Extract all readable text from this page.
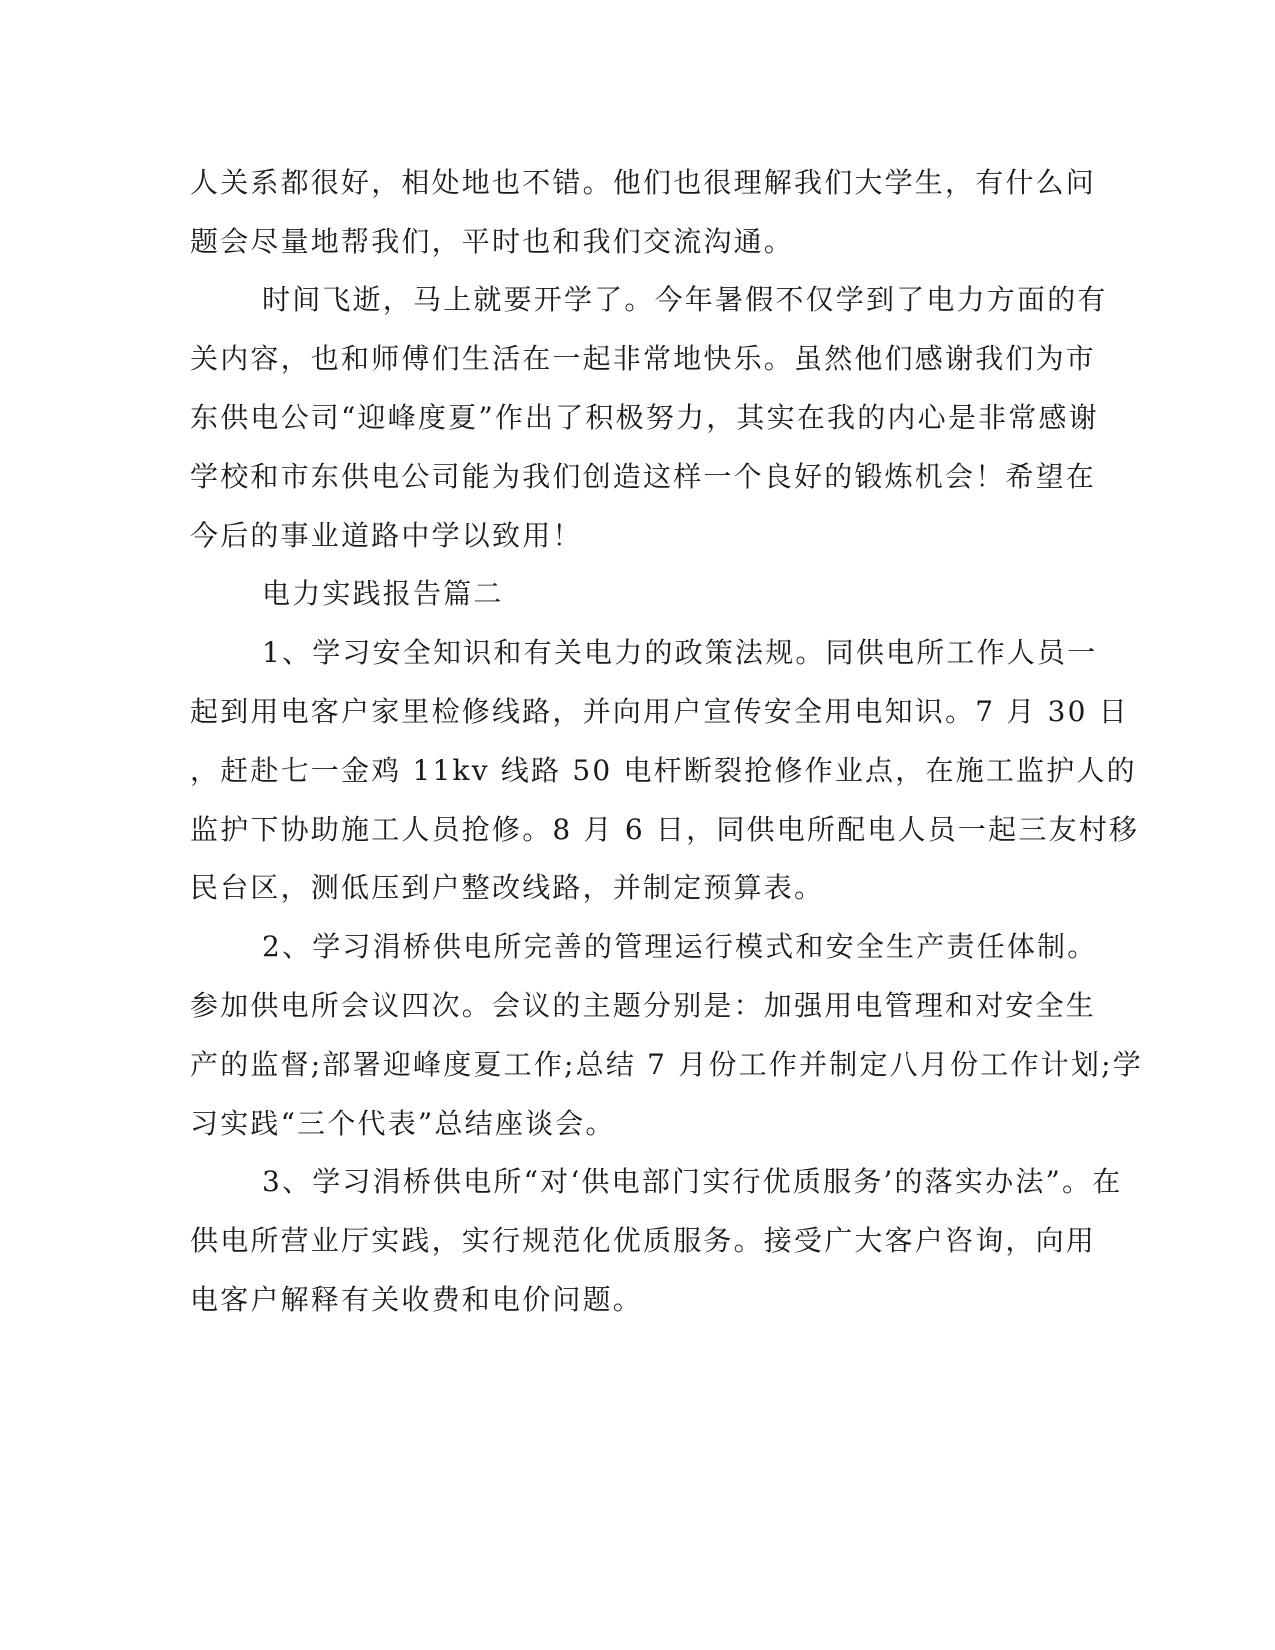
人关系都很好，相处地也不错。他们也很理解我们大学生，有什么问
题会尽量地帮我们，平时也和我们交流沟通。
时间飞逝，马上就要开学了。今年暑假不仅学到了电力方面的有
关内容，也和师傅们生活在一起非常地快乐。虽然他们感谢我们为市
东供电公司“迎峰度夏”作出了积极努力，其实在我的内心是非常感谢
学校和市东供电公司能为我们创造这样一个良好的锻炼机会！希望在
今后的事业道路中学以致用！
电力实践报告篇二
1、学习安全知识和有关电力的政策法规。同供电所工作人员一
起到用电客户家里检修线路，并向用户宣传安全用电知识。7 月 30 日
，赶赴七一金鸡 11kv 线路 50 电杆断裂抢修作业点，在施工监护人的
监护下协助施工人员抢修。8 月 6 日，同供电所配电人员一起三友村移
民台区，测低压到户整改线路，并制定预算表。
2、学习涓桥供电所完善的管理运行模式和安全生产责任体制。
参加供电所会议四次。会议的主题分别是：加强用电管理和对安全生
产的监督;部署迎峰度夏工作;总结 7 月份工作并制定八月份工作计划;学
习实践“三个代表”总结座谈会。
3、学习涓桥供电所“对‘供电部门实行优质服务’的落实办法”。在
供电所营业厅实践，实行规范化优质服务。接受广大客户咨询，向用
电客户解释有关收费和电价问题。
